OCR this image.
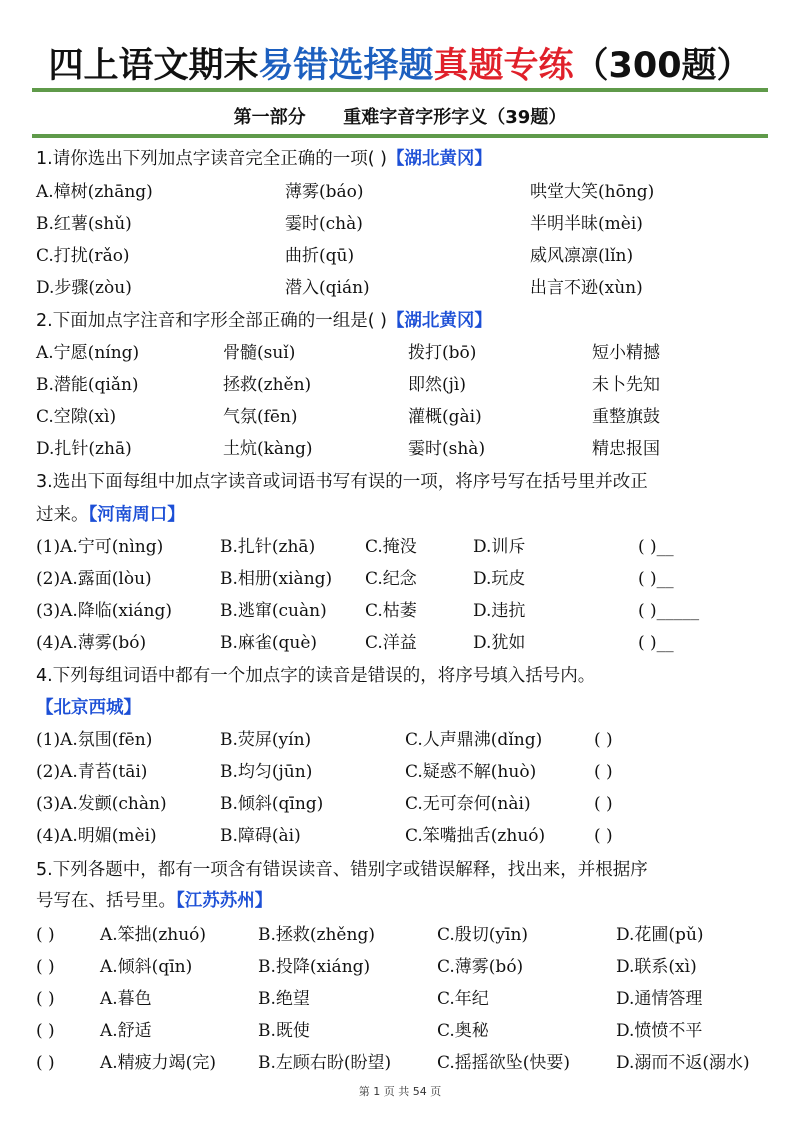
四上语文期末易错选择题真题专练（300题）
第一部分      重难字音字形字义（39题）
1.请你选出下列加点字读音完全正确的一项( )【湖北黄冈】
A.樟树(zhāng)	薄雾(báo)	哄堂大笑(hōng)
B.红薯(shǔ)	霎时(chà)	半明半昧(mèi)
C.打扰(rǎo)	曲折(qū)	威风凛凛(lǐn)
D.步骤(zòu)	潜入(qián)	出言不逊(xùn)
2.下面加点字注音和字形全部正确的一组是( )【湖北黄冈】
A.宁愿(níng)	骨髓(suǐ)	拨打(bō)	短小精撼
B.潜能(qiǎn)	拯救(zhěn)	即然(jì)	未卜先知
C.空隙(xì)	气氛(fēn)	灌概(gài)	重整旗鼓
D.扎针(zhā)	土炕(kàng)	霎时(shà)	精忠报国
3.选出下面每组中加点字读音或词语书写有误的一项，将序号写在括号里并改正
过来。【河南周口】
(1)A.宁可(nìng)	B.扎针(zhā)	C.掩没	D.训斥	( )__
(2)A.露面(lòu)	B.相册(xiàng) C.纪念	D.玩皮	( )__
(3)A.降临(xiáng)	B.逃窜(cuàn) C.枯萎	D.违抗	( )_____
(4)A.薄雾(bó)	B.麻雀(què)	C.洋益	D.犹如	( )__
4.下列每组词语中都有一个加点字的读音是错误的，将序号填入括号内。
【北京西城】
(1)A.氛围(fēn)	B.荧屏(yín)	C.人声鼎沸(dǐng)	( )
(2)A.青苔(tāi)	B.均匀(jūn)	C.疑惑不解(huò)	( )
(3)A.发颤(chàn)	B.倾斜(qīng)	C.无可奈何(nài)	( )
(4)A.明媚(mèi)	B.障碍(ài)	C.笨嘴拙舌(zhuó)	( )
5.下列各题中，都有一项含有错误读音、错别字或错误解释，找出来，并根据序
号写在、括号里。【江苏苏州】
( )	A.笨拙(zhuó)	B.拯救(zhěng)	C.殷切(yīn)	D.花圃(pǔ)
( )	A.倾斜(qīn)	B.投降(xiáng)	C.薄雾(bó)	D.联系(xì)
( )	A.暮色	B.绝望	C.年纪	D.通情答理
( )	A.舒适	B.既使	C.奥秘	D.愤愤不平
( )	A.精疲力竭(完) B.左顾右盼(盼望)	C.摇摇欲坠(快要)	D.溺而不返(溺水)
第 1 页 共 54 页
